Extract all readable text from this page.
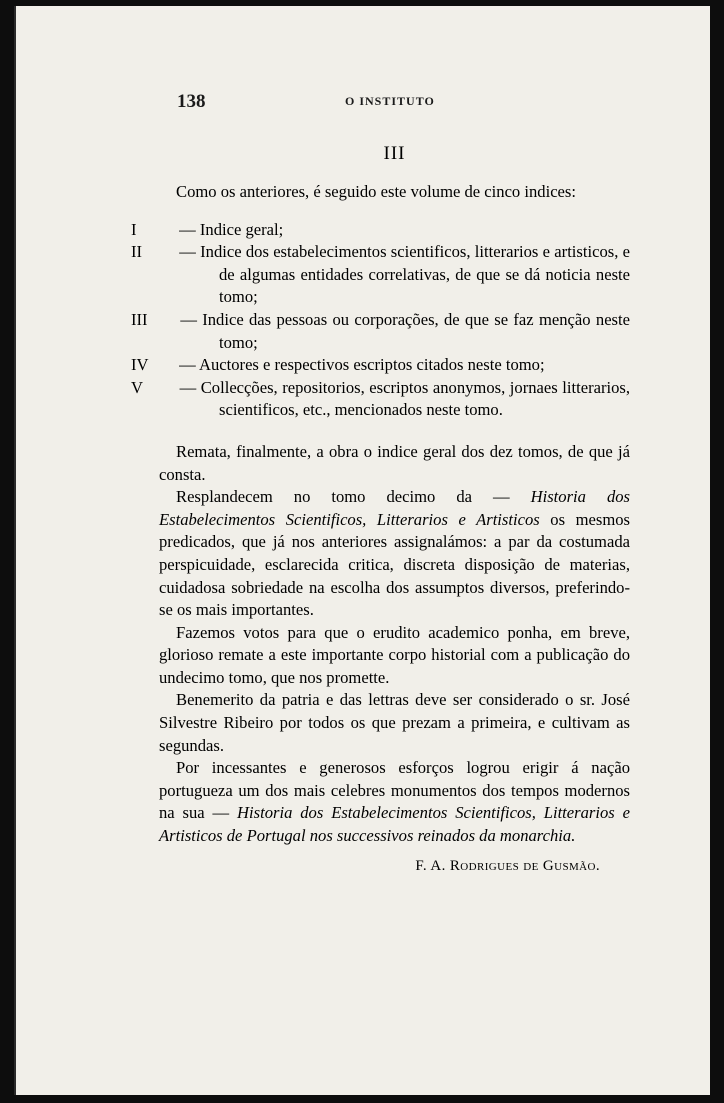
138	O INSTITUTO
III

Como os anteriores, é seguido este volume de cinco indices:

— Indice geral;

— Indice dos estabelecimentos scientificos, litterarios e artisticos, e de algumas entidades correlativas, de que se dá noticia neste tomo;

— Indice das pessoas ou corporações, de que se faz menção neste tomo;

— Auctores e respectivos escriptos citados neste tomo;

— Collecções, repositorios, escriptos anonymos, jornaes litterarios, scientificos, etc., mencionados neste tomo.

Remata, finalmente, a obra o indice geral dos dez tomos, de que já consta.

Resplandecem no tomo decimo da — Historia dos Estabelecimentos Scientificos, Litterarios e Artisticos os mesmos predicados, que já nos anteriores assignalámos: a par da costumada perspicuidade, esclarecida critica, discreta disposição de materias, cuidadosa sobriedade na escolha dos assumptos diversos, preferindo-se os mais importantes.

Fazemos votos para que o erudito academico ponha, em breve, glorioso remate a este importante corpo historial com a publicação do undecimo tomo, que nos promette.

Benemerito da patria e das lettras deve ser considerado o sr. José Silvestre Ribeiro por todos os que prezam a primeira, e cultivam as segundas.

Por incessantes e generosos esforços logrou erigir á nação portugueza um dos mais celebres monumentos dos tempos modernos na sua — Historia dos Estabelecimentos Scientificos, Litterarios e Artisticos de Portugal nos successivos reinados da monarchia.

F. A. Rodrigues de Gusmão.
